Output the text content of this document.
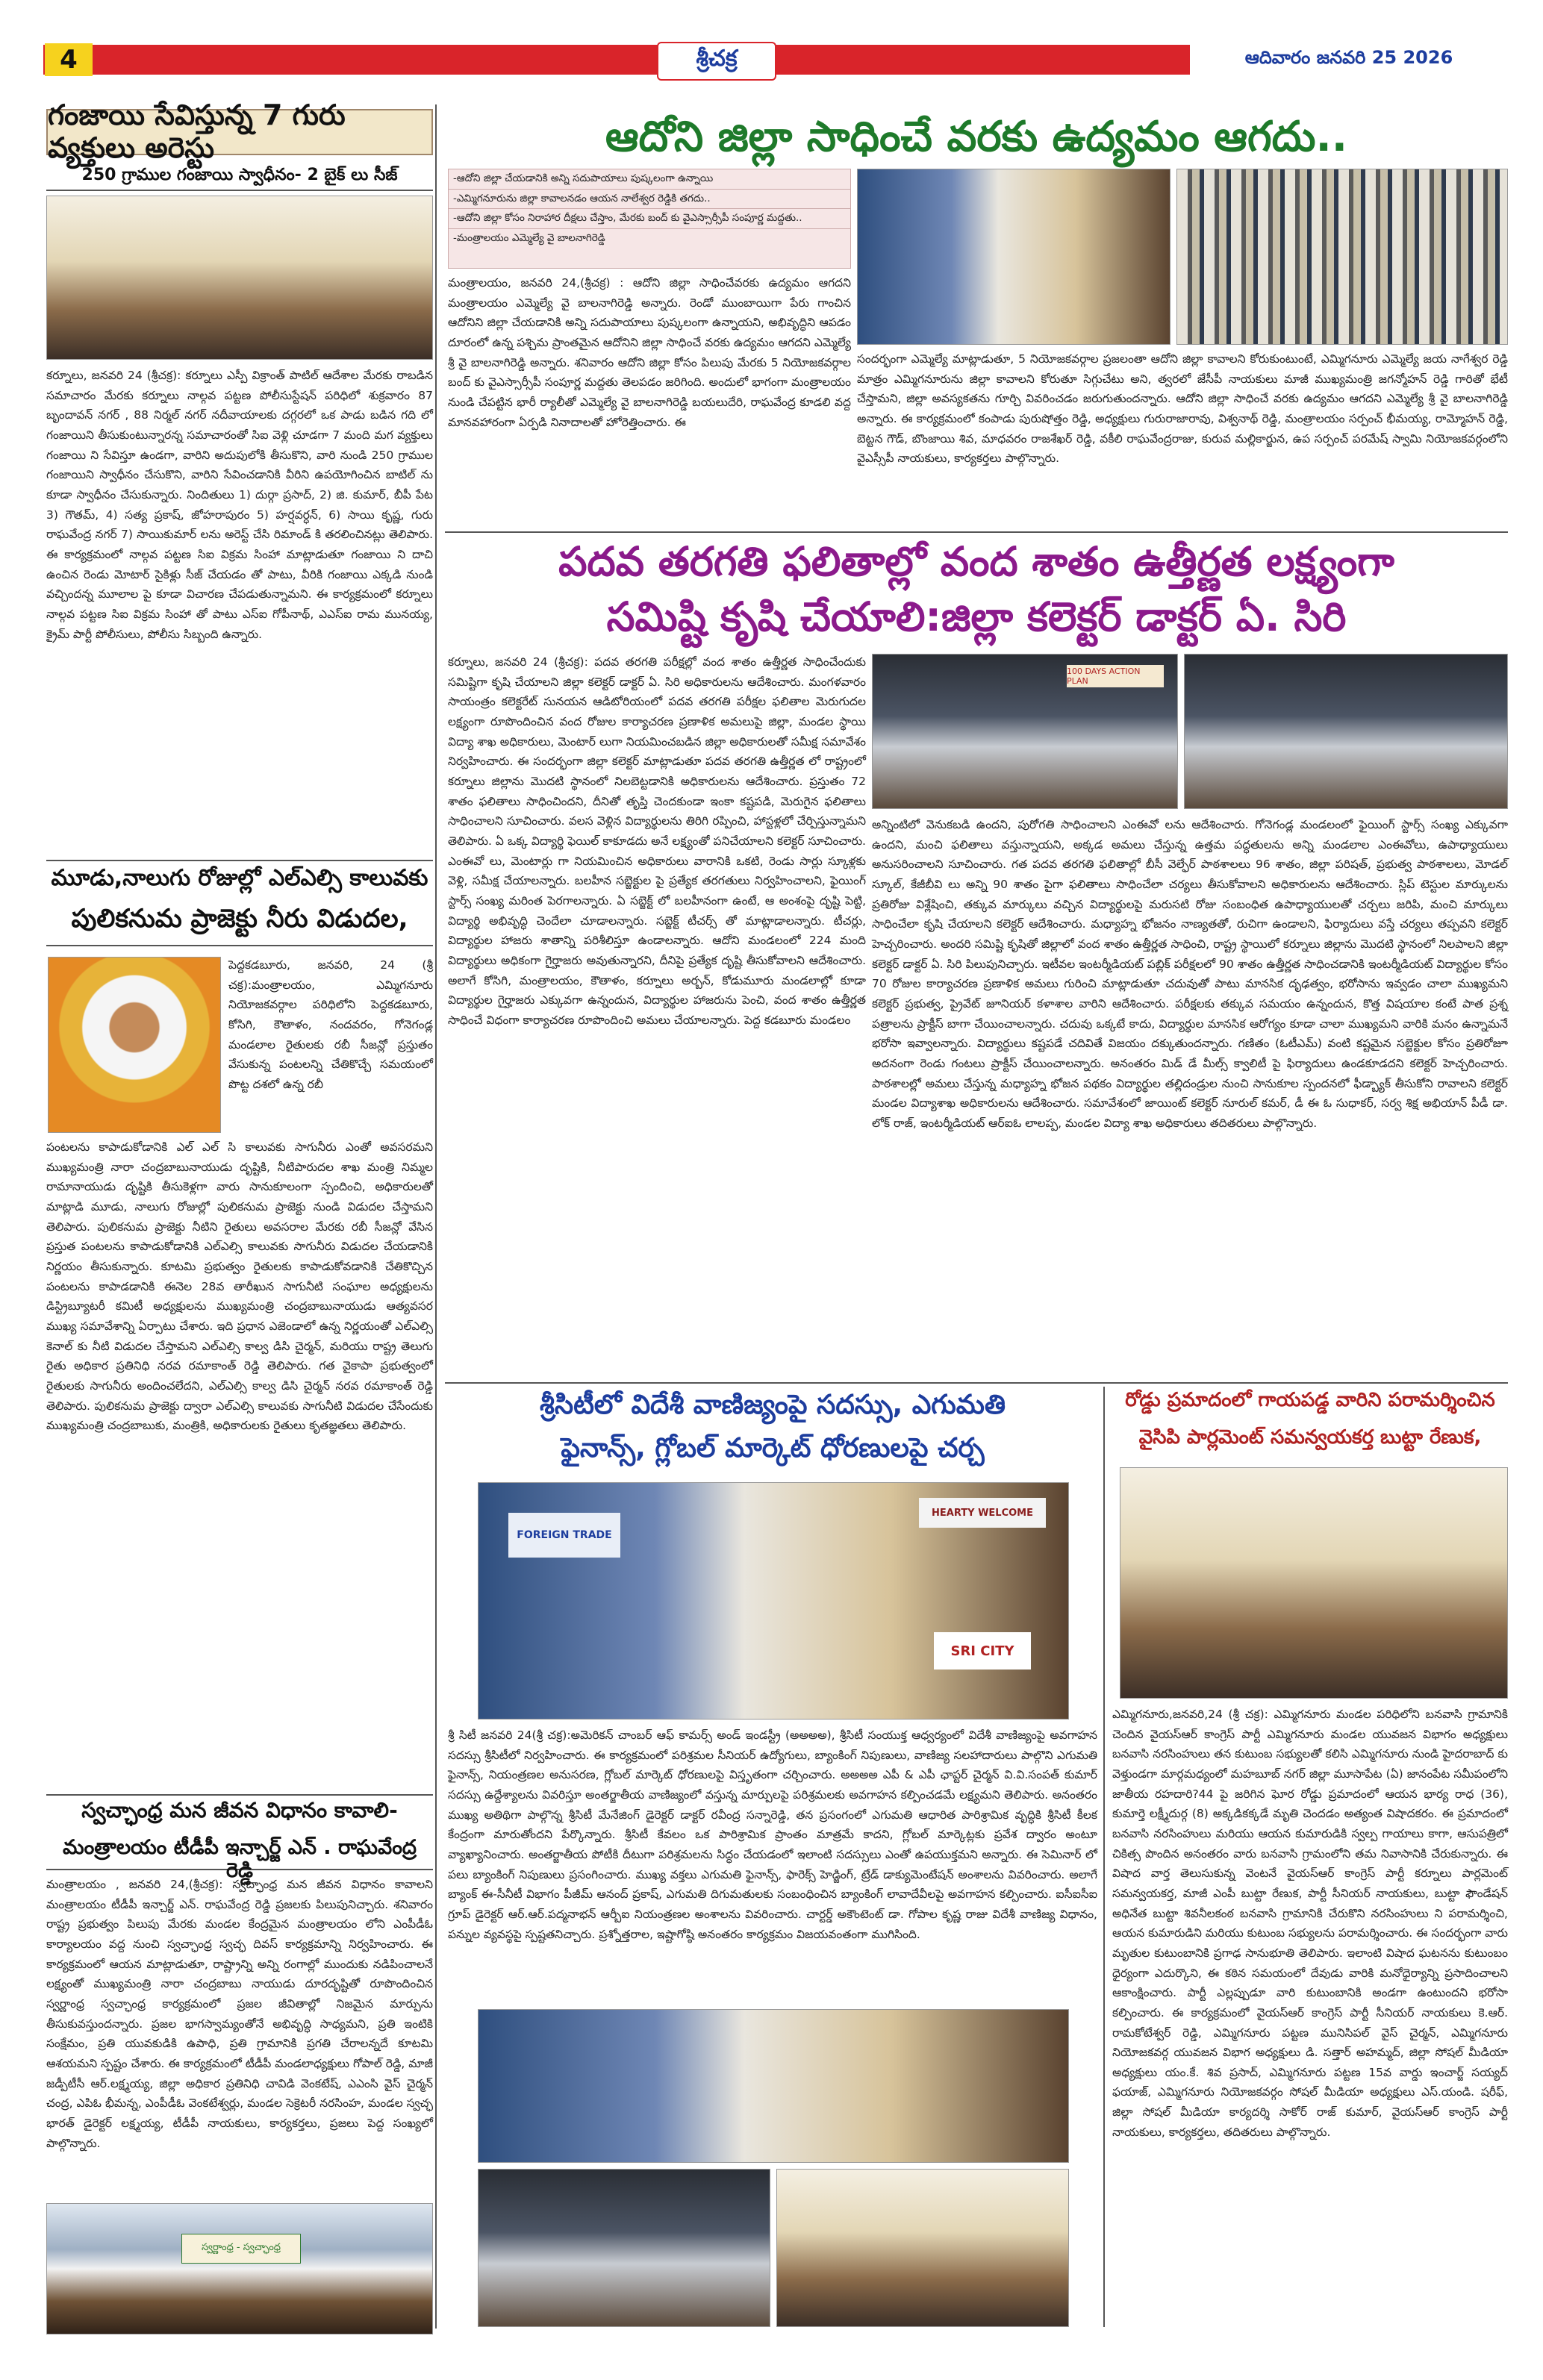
4	శ్రీచక్ర	ఆదివారం జనవరి 25 2026
గంజాయి సేవిస్తున్న 7 గురు వ్యక్తులు అరెస్టు
250 గ్రాముల గంజాయి స్వాధీనం- 2 బైక్ లు సీజ్
కర్నూలు, జనవరి 24 (శ్రీచక్ర): కర్నూలు ఎస్పీ విక్రాంత్ పాటిల్ ఆదేశాల మేరకు రాబడిన సమాచారం మేరకు కర్నూలు నాల్గవ పట్టణ పోలీసుస్టేషన్ పరిధిలో శుక్రవారం 87 బృందావన్ నగర్ , 88 నిర్మల్ నగర్ నదీవాయాలకు దగ్గరలో ఒక పాడు బడిన గది లో గంజాయిని తీసుకుంటున్నారన్న సమాచారంతో సిఐ వెళ్లి చూడగా 7 మంది మగ వ్యక్తులు గంజాయి ని సేవిస్తూ ఉండగా, వారిని అదుపులోకి తీసుకొని, వారి నుండి 250 గ్రాముల గంజాయిని స్వాధీనం చేసుకొని, వారిని సేవించడానికి వీరిని ఉపయోగించిన బాటిల్ ను కూడా స్వాధీనం చేసుకున్నారు. నిందితులు 1) దుర్గా ప్రసాద్, 2) జి. కుమార్, బీపీ పేట 3) గౌతమ్, 4) సత్య ప్రకాష్, జోహరాపురం 5) హర్షవర్ధన్, 6) సాయి కృష్ణ, గురు రాఘవేంద్ర నగర్ 7) సాయికుమార్ లను అరెస్ట్ చేసి రిమాండ్ కి తరలించినట్లు తెలిపారు. ఈ కార్యక్రమంలో నాల్గవ పట్టణ సిఐ విక్రమ సింహా మాట్లాడుతూ గంజాయి ని దాచి ఉంచిన రెండు మోటార్ సైకిళ్లు సీజ్ చేయడం తో పాటు, వీరికి గంజాయి ఎక్కడి నుండి వచ్చిందన్న మూలాల పై కూడా విచారణ చేపడుతున్నామని. ఈ కార్యక్రమంలో కర్నూలు నాల్గవ పట్టణ సిఐ విక్రమ సింహా తో పాటు ఎస్ఐ గోపీనాథ్, ఎఎస్ఐ రామ మునయ్య, క్రైమ్ పార్టీ పోలీసులు, పోలీసు సిబ్బంది ఉన్నారు.
మూడు,నాలుగు రోజుల్లో ఎల్ఎల్సి కాలువకు
పులికనుమ ప్రాజెక్టు నీరు విడుదల,
పెద్దకడబూరు, జనవరి, 24 (శ్రీ చక్ర):మంత్రాలయం, ఎమ్మిగనూరు నియోజకవర్గాల పరిధిలోని పెద్దకడబూరు, కోసిగి, కౌతాళం, నందవరం, గోనెగండ్ల మండలాల రైతులకు రబీ సీజన్లో ప్రస్తుతం వేసుకున్న పంటలన్ని చేతికొచ్చే సమయంలో పొట్ట దశలో ఉన్న రబీ
పంటలను కాపాడుకోడానికి ఎల్ ఎల్ సి కాలువకు సాగునీరు ఎంతో అవసరమని ముఖ్యమంత్రి నారా చంద్రబాబునాయుడు దృష్టికి, నీటిపారుదల శాఖ మంత్రి నిమ్మల రామానాయుడు దృష్టికి తీసుకెళ్లగా వారు సానుకూలంగా స్పందించి, అధికారులతో మాట్లాడి మూడు, నాలుగు రోజుల్లో పులికనుమ ప్రాజెక్టు నుండి విడుదల చేస్తామని తెలిపారు. పులికనుమ ప్రాజెక్టు నీటిని రైతులు అవసరాల మేరకు రబీ సీజన్లో వేసిన ప్రస్తుత పంటలను కాపాడుకోడానికి ఎల్ఎల్సి కాలువకు సాగునీరు విడుదల చేయడానికి నిర్ణయం తీసుకున్నారు. కూటమి ప్రభుత్వం రైతులకు కాపాడుకోవడానికి చేతికొచ్చిన పంటలను కాపాడడానికి ఈనెల 28వ తారీఖున సాగునీటి సంఘాల అధ్యక్షులను డిస్ట్రిబ్యూటరీ కమిటీ అధ్యక్షులను ముఖ్యమంత్రి చంద్రబాబునాయుడు ఆత్యవసర ముఖ్య సమావేశాన్ని ఏర్పాటు చేశారు. ఇది ప్రధాన ఎజెండాలో ఉన్న నిర్ణయంతో ఎల్ఎల్సి కెనాల్ కు నీటి విడుదల చేస్తామని ఎల్ఎల్సి కాల్వ డిసి చైర్మన్, మరియు రాష్ట్ర తెలుగు రైతు అధికార ప్రతినిధి నరవ రమాకాంత్ రెడ్డి తెలిపారు. గత వైకాపా ప్రభుత్వంలో రైతులకు సాగునీరు అందించలేదని, ఎల్ఎల్సి కాల్వ డిసి చైర్మన్ నరవ రమాకాంత్ రెడ్డి తెలిపారు. పులికనుమ ప్రాజెక్టు ద్వారా ఎల్ఎల్సి కాలువకు సాగునీటి విడుదల చేసేందుకు ముఖ్యమంత్రి చంద్రబాబుకు, మంత్రికి, అధికారులకు రైతులు కృతజ్ఞతలు తెలిపారు.
స్వచ్ఛాంధ్ర మన జీవన విధానం కావాలి-
మంత్రాలయం టీడీపీ ఇన్చార్జ్ ఎన్ . రాఘవేంద్ర రెడ్డి
మంత్రాలయం , జనవరి 24,(శ్రీచక్ర): స్వచ్ఛాంధ్ర మన జీవన విధానం కావాలని మంత్రాలయం టీడీపీ ఇన్చార్జ్ ఎన్. రాఘవేంద్ర రెడ్డి ప్రజలకు పిలుపునిచ్చారు. శనివారం రాష్ట్ర ప్రభుత్వం పిలుపు మేరకు మండల కేంద్రమైన మంత్రాలయం లోని ఎంపీడీఓ కార్యాలయం వద్ద నుంచి స్వచ్ఛాంధ్ర స్వచ్ఛ దివస్ కార్యక్రమాన్ని నిర్వహించారు. ఈ కార్యక్రమంలో ఆయన మాట్లాడుతూ, రాష్ట్రాన్ని అన్ని రంగాల్లో ముందుకు నడిపించాలనే లక్ష్యంతో ముఖ్యమంత్రి నారా చంద్రబాబు నాయుడు దూరదృష్టితో రూపొందించిన స్వర్ణాంధ్ర స్వచ్ఛాంధ్ర కార్యక్రమంలో ప్రజల జీవితాల్లో నిజమైన మార్పును తీసుకువస్తుందన్నారు. ప్రజల భాగస్వామ్యంతోనే అభివృద్ధి సాధ్యమని, ప్రతి ఇంటికి సంక్షేమం, ప్రతి యువకుడికి ఉపాధి, ప్రతి గ్రామానికి ప్రగతి చేరాలన్నదే కూటమి ఆశయమని స్పష్టం చేశారు. ఈ కార్యక్రమంలో టీడీపీ మండలాధ్యక్షులు గోపాల్ రెడ్డి, మాజీ జడ్పీటీసీ ఆర్.లక్ష్మయ్య, జిల్లా అధికార ప్రతినిధి చావిడి వెంకటేష్, ఎఎంసి వైస్ చైర్మన్ చంద్ర, ఎపిఓ భీమన్న, ఎంపీడీఓ వెంకటేశ్వర్లు, మండల సెక్రెటరీ నరసింహ, మండల స్వచ్ఛ భారత్ డైరెక్టర్ లక్ష్మయ్య, టీడీపీ నాయకులు, కార్యకర్తలు, ప్రజలు పెద్ద సంఖ్యలో పాల్గొన్నారు.
స్వర్ణాంధ్ర - స్వచ్ఛాంధ్ర
ఆదోని జిల్లా సాధించే వరకు ఉద్యమం ఆగదు..
-ఆదోని జిల్లా చేయడానికి అన్ని సదుపాయాలు పుష్కలంగా ఉన్నాయి
-ఎమ్మిగనూరును జిల్లా కావాలనడం ఆయన నాలేశ్వర రెడ్డికి తగదు..
-ఆదోని జిల్లా కోసం నిరాహార దీక్షలు చేస్తాం, మేరకు బంద్ కు వైఎస్సార్సీపీ సంపూర్ణ మద్దతు..
-మంత్రాలయం ఎమ్మెల్యే వై బాలనాగిరెడ్డి
మంత్రాలయం, జనవరి 24,(శ్రీచక్ర) : ఆదోని జిల్లా సాధించేవరకు ఉద్యమం ఆగదని మంత్రాలయం ఎమ్మెల్యే వై బాలనాగిరెడ్డి అన్నారు. రెండో ముంబాయిగా పేరు గాంచిన ఆదోనిని జిల్లా చేయడానికి అన్ని సదుపాయాలు పుష్కలంగా ఉన్నాయని, అభివృద్ధిని ఆపడం దూరంలో ఉన్న పశ్చిమ ప్రాంతమైన ఆదోనిని జిల్లా సాధించే వరకు ఉద్యమం ఆగదని ఎమ్మెల్యే శ్రీ వై బాలనాగిరెడ్డి అన్నారు. శనివారం ఆదోని జిల్లా కోసం పిలుపు మేరకు 5 నియోజకవర్గాల బంద్ కు వైఎస్సార్సీపీ సంపూర్ణ మద్దతు తెలపడం జరిగింది. అందులో భాగంగా మంత్రాలయం నుండి చేపట్టిన భారీ ర్యాలీతో ఎమ్మెల్యే వై బాలనాగిరెడ్డి బయలుదేరి, రాఘవేంద్ర కూడలి వద్ద మానవహారంగా ఏర్పడి నినాదాలతో హోరెత్తించారు. ఈ
సందర్భంగా ఎమ్మెల్యే మాట్లాడుతూ, 5 నియోజకవర్గాల ప్రజలంతా ఆదోని జిల్లా కావాలని కోరుకుంటుంటే, ఎమ్మిగనూరు ఎమ్మెల్యే జయ నాగేశ్వర రెడ్డి మాత్రం ఎమ్మిగనూరును జిల్లా కావాలని కోరుతూ సిగ్గుచేటు అని, త్వరలో జేసీపీ నాయకులు మాజీ ముఖ్యమంత్రి జగన్మోహన్ రెడ్డి గారితో భేటీ చేస్తామని, జిల్లా అవస్యకతను గూర్చి వివరించడం జరుగుతుందన్నారు. ఆదోని జిల్లా సాధించే వరకు ఉద్యమం ఆగదని ఎమ్మెల్యే శ్రీ వై బాలనాగిరెడ్డి అన్నారు. ఈ కార్యక్రమంలో కంపాడు పురుషోత్తం రెడ్డి, అధ్యక్షులు గురురాజారావు, విశ్వనాథ్ రెడ్డి, మంత్రాలయం సర్పంచ్ భీమయ్య, రామ్మోహన్ రెడ్డి, బెట్టన గౌడ్, బొంజాయి శివ, మాధవరం రాజశేఖర్ రెడ్డి, వకీలి రాఘవేంద్రరాజు, కురువ మల్లికార్జున, ఉప సర్పంచ్ పరమేష్ స్వామి నియోజకవర్గంలోని వైఎస్సీపీ నాయకులు, కార్యకర్తలు పాల్గొన్నారు.
పదవ తరగతి ఫలితాల్లో వంద శాతం ఉత్తీర్ణత లక్ష్యంగా
సమిష్టి కృషి చేయాలి:జిల్లా కలెక్టర్ డాక్టర్ ఏ. సిరి
కర్నూలు, జనవరి 24 (శ్రీచక్ర): పదవ తరగతి పరీక్షల్లో వంద శాతం ఉత్తీర్ణత సాధించేందుకు సమిష్టిగా కృషి చేయాలని జిల్లా కలెక్టర్ డాక్టర్ ఏ. సిరి అధికారులను ఆదేశించారు. మంగళవారం సాయంత్రం కలెక్టరేట్ సునయన ఆడిటోరియంలో పదవ తరగతి పరీక్షల ఫలితాల మెరుగుదల లక్ష్యంగా రూపొందించిన వంద రోజుల కార్యాచరణ ప్రణాళిక అమలుపై జిల్లా, మండల స్థాయి విద్యా శాఖ అధికారులు, మెంటార్ లుగా నియమించబడిన జిల్లా అధికారులతో సమీక్ష సమావేశం నిర్వహించారు. ఈ సందర్భంగా జిల్లా కలెక్టర్ మాట్లాడుతూ పదవ తరగతి ఉత్తీర్ణత లో రాష్ట్రంలో కర్నూలు జిల్లాను మొదటి స్థానంలో నిలబెట్టడానికి అధికారులను ఆదేశించారు. ప్రస్తుతం 72 శాతం ఫలితాలు సాధించిందని, దీనితో తృప్తి చెందకుండా ఇంకా కష్టపడి, మెరుగైన ఫలితాలు సాధించాలని సూచించారు. వలస వెళ్లిన విద్యార్థులను తిరిగి రప్పించి, హాస్టళ్లలో చేర్పిస్తున్నామని తెలిపారు. ఏ ఒక్క విద్యార్థి ఫెయిల్ కాకూడదు అనే లక్ష్యంతో పనిచేయాలని కలెక్టర్ సూచించారు. ఎంఈవో లు, మెంటార్లు గా నియమించిన అధికారులు వారానికి ఒకటి, రెండు సార్లు స్కూళ్లకు వెళ్లి, సమీక్ష చేయాలన్నారు. బలహీన సబ్జెక్టుల పై ప్రత్యేక తరగతులు నిర్వహించాలని, ఫైయింగ్ స్టార్స్ సంఖ్య మరింత పెరగాలన్నారు. ఏ సబ్జెక్ట్ లో బలహీనంగా ఉంటే, ఆ అంశంపై దృష్టి పెట్టి, విద్యార్థి అభివృద్ధి చెందేలా చూడాలన్నారు. సబ్జెక్ట్ టీచర్స్ తో మాట్లాడాలన్నారు. టీచర్లు, విద్యార్థుల హాజరు శాతాన్ని పరిశీలిస్తూ ఉండాలన్నారు. ఆదోని మండలంలో 224 మంది విద్యార్థులు అధికంగా గైర్హాజరు అవుతున్నారని, దీనిపై ప్రత్యేక దృష్టి తీసుకోవాలని ఆదేశించారు. అలాగే కోసిగి, మంత్రాలయం, కౌతాళం, కర్నూలు అర్బన్, కోడుమూరు మండలాల్లో కూడా విద్యార్థుల గైర్హాజరు ఎక్కువగా ఉన్నందున, విద్యార్థుల హాజరును పెంచి, వంద శాతం ఉత్తీర్ణత సాధించే విధంగా కార్యాచరణ రూపొందించి అమలు చేయాలన్నారు. పెద్ద కడబూరు మండలం
100 DAYS ACTION PLAN
అన్నింటిలో వెనుకబడి ఉందని, పురోగతి సాధించాలని ఎంఈవో లను ఆదేశించారు. గోనెగండ్ల మండలంలో ఫైయింగ్ స్టార్స్ సంఖ్య ఎక్కువగా ఉందని, మంచి ఫలితాలు వస్తున్నాయని, అక్కడ అమలు చేస్తున్న ఉత్తమ పద్ధతులను అన్ని మండలాల ఎంఈవోలు, ఉపాధ్యాయులు అనుసరించాలని సూచించారు. గత పదవ తరగతి ఫలితాల్లో బీసీ వెల్ఫేర్ పాఠశాలలు 96 శాతం, జిల్లా పరిషత్, ప్రభుత్వ పాఠశాలలు, మోడల్ స్కూల్, కేజీబీవి లు అన్ని 90 శాతం పైగా ఫలితాలు సాధించేలా చర్యలు తీసుకోవాలని అధికారులను ఆదేశించారు. స్లిప్ టెస్టుల మార్కులను ప్రతిరోజు విశ్లేషించి, తక్కువ మార్కులు వచ్చిన విద్యార్థులపై మరుసటి రోజు సంబంధిత ఉపాధ్యాయులతో చర్చలు జరిపి, మంచి మార్కులు సాధించేలా కృషి చేయాలని కలెక్టర్ ఆదేశించారు. మధ్యాహ్న భోజనం నాణ్యతతో, రుచిగా ఉండాలని, ఫిర్యాదులు వస్తే చర్యలు తప్పవని కలెక్టర్ హెచ్చరించారు. అందరి సమిష్టి కృషితో జిల్లాలో వంద శాతం ఉత్తీర్ణత సాధించి, రాష్ట్ర స్థాయిలో కర్నూలు జిల్లాను మొదటి స్థానంలో నిలపాలని జిల్లా కలెక్టర్ డాక్టర్ ఏ. సిరి పిలుపునిచ్చారు. ఇటీవల ఇంటర్మీడియట్ పబ్లిక్ పరీక్షలలో 90 శాతం ఉత్తీర్ణత సాధించడానికి ఇంటర్మీడియట్ విద్యార్థుల కోసం 70 రోజుల కార్యాచరణ ప్రణాళిక అమలు గురించి మాట్లాడుతూ చదువుతో పాటు మానసిక దృఢత్వం, భరోసాను ఇవ్వడం చాలా ముఖ్యమని కలెక్టర్ ప్రభుత్వ, ప్రైవేట్ జూనియర్ కళాశాల వారిని ఆదేశించారు. పరీక్షలకు తక్కువ సమయం ఉన్నందున, కొత్త విషయాల కంటే పాత ప్రశ్న పత్రాలను ప్రాక్టీస్ బాగా చేయించాలన్నారు. చదువు ఒక్కటే కాదు, విద్యార్థుల మానసిక ఆరోగ్యం కూడా చాలా ముఖ్యమని వారికి మనం ఉన్నామనే భరోసా ఇవ్వాలన్నారు. విద్యార్థులు కష్టపడే చదివితే విజయం దక్కుతుందన్నారు. గణితం (ఓటీఎమ్) వంటి కష్టమైన సబ్జెక్టుల కోసం ప్రతిరోజూ అదనంగా రెండు గంటలు ప్రాక్టీస్ చేయించాలన్నారు. అనంతరం మిడ్ డే మీల్స్ క్వాలిటీ పై ఫిర్యాదులు ఉండకూడదని కలెక్టర్ హెచ్చరించారు. పాఠశాలల్లో అమలు చేస్తున్న మధ్యాహ్న భోజన పథకం విద్యార్థుల తల్లిదండ్రుల నుంచి సానుకూల స్పందనలో ఫీడ్బ్యాక్ తీసుకోని రావాలని కలెక్టర్ మండల విద్యాశాఖ అధికారులను ఆదేశించారు. సమావేశంలో జాయింట్ కలెక్టర్ నూరుల్ కమర్, డీ ఈ ఓ సుధాకర్, సర్వ శిక్ష అభియాన్ పీడీ డా. లోక్ రాజ్, ఇంటర్మీడియట్ ఆర్ఐఓ లాలప్ప, మండల విద్యా శాఖ అధికారులు తదితరులు పాల్గొన్నారు.
శ్రీసిటీలో విదేశీ వాణిజ్యంపై సదస్సు, ఎగుమతి
ఫైనాన్స్, గ్లోబల్ మార్కెట్ ధోరణులపై చర్చ
FOREIGN TRADE
HEARTY WELCOME
SRI CITY
శ్రీ సిటీ జనవరి 24(శ్రీ చక్ర):అమెరికన్ చాంబర్ ఆఫ్ కామర్స్ అండ్ ఇండస్ట్రీ (అఅఅఅ), శ్రీసిటీ సంయుక్త ఆధ్వర్యంలో విదేశీ వాణిజ్యంపై అవగాహన సదస్సు శ్రీసిటీలో నిర్వహించారు. ఈ కార్యక్రమంలో పరిశ్రమల సీనియర్ ఉద్యోగులు, బ్యాంకింగ్ నిపుణులు, వాణిజ్య సలహాదారులు పాల్గొని ఎగుమతి ఫైనాన్స్, నియంత్రణల అనుసరణ, గ్లోబల్ మార్కెట్ ధోరణులపై విస్తృతంగా చర్చించారు. అఅఅఅ ఎపీ & ఎపీ ఛాప్టర్ చైర్మన్ వి.వి.సంపత్ కుమార్ సదస్సు ఉద్దేశ్యాలను వివరిస్తూ అంతర్జాతీయ వాణిజ్యంలో వస్తున్న మార్పులపై పరిశ్రమలకు అవగాహన కల్పించడమే లక్ష్యమని తెలిపారు. అనంతరం ముఖ్య అతిథిగా పాల్గొన్న శ్రీసిటీ మేనేజింగ్ డైరెక్టర్ డాక్టర్ రవీంద్ర సన్నారెడ్డి, తన ప్రసంగంలో ఎగుమతి ఆధారిత పారిశ్రామిక వృద్ధికి శ్రీసిటీ కీలక కేంద్రంగా మారుతోందని పేర్కొన్నారు. శ్రీసిటీ కేవలం ఒక పారిశ్రామిక ప్రాంతం మాత్రమే కాదని, గ్లోబల్ మార్కెట్లకు ప్రవేశ ద్వారం అంటూ వ్యాఖ్యానించారు. అంతర్జాతీయ పోటీకి దీటుగా పరిశ్రమలను సిద్ధం చేయడంలో ఇలాంటి సదస్సులు ఎంతో ఉపయుక్తమని అన్నారు. ఈ సెమినార్ లో పలు బ్యాంకింగ్ నిపుణులు ప్రసంగించారు. ముఖ్య వక్తలు ఎగుమతి ఫైనాన్స్, ఫారెక్స్ హెడ్జింగ్, ట్రేడ్ డాక్యుమెంటేషన్ అంశాలను వివరించారు. అలాగే బ్యాంక్ ఈ-సీనీటీ విభాగం పీజీమ్ ఆనంద్ ప్రకాష్, ఎగుమతి దిగుమతులకు సంబంధించిన బ్యాంకింగ్ లావాదేవీలపై అవగాహన కల్పించారు. ఐసీఐసీఐ గ్రూప్ డైరెక్టర్ ఆర్.ఆర్.పద్మనాభన్ ఆర్బీఐ నియంత్రణల అంశాలను వివరించారు. చార్టర్డ్ అకౌంటెంట్ డా. గోపాల కృష్ణ రాజు విదేశీ వాణిజ్య విధానం, పన్నుల వ్యవస్థపై స్పష్టతనిచ్చారు. ప్రశ్నోత్తరాల, ఇష్టాగోష్ఠి అనంతరం కార్యక్రమం విజయవంతంగా ముగిసింది.
రోడ్డు ప్రమాదంలో గాయపడ్డ వారిని పరామర్శించిన
వైసిపి పార్లమెంట్ సమన్వయకర్త బుట్టా రేణుక,
ఎమ్మిగనూరు,జనవరి,24 (శ్రీ చక్ర): ఎమ్మిగనూరు మండల పరిధిలోని బనవాసి గ్రామానికి చెందిన వైయస్ఆర్ కాంగ్రెస్ పార్టీ ఎమ్మిగనూరు మండల యువజన విభాగం అధ్యక్షులు బనవాసి నరసింహులు తన కుటుంబ సభ్యులతో కలిసి ఎమ్మిగనూరు నుండి హైదరాబాద్ కు వెళ్తుండగా మార్గమధ్యంలో మహబూబ్ నగర్ జిల్లా మూసాపేట (ఏ) జానంపేట సమీపంలోని జాతీయ రహదారి?44 పై జరిగిన ఘోర రోడ్డు ప్రమాదంలో ఆయన భార్య రాధ (36), కుమార్తె లక్ష్మీదుర్గ (8) అక్కడికక్కడే మృతి చెందడం అత్యంత విషాదకరం. ఈ ప్రమాదంలో బనవాసి నరసింహులు మరియు ఆయన కుమారుడికి స్వల్ప గాయాలు కాగా, ఆసుపత్రిలో చికిత్స పొందిన అనంతరం వారు బనవాసి గ్రామంలోని తమ నివాసానికి చేరుకున్నారు. ఈ విషాద వార్త తెలుసుకున్న వెంటనే వైయస్ఆర్ కాంగ్రెస్ పార్టీ కర్నూలు పార్లమెంట్ సమన్వయకర్త, మాజీ ఎంపీ బుట్టా రేణుక, పార్టీ సీనియర్ నాయకులు, బుట్టా ఫౌండేషన్ అధినేత బుట్టా శివనీలకంఠ బనవాసి గ్రామానికి చేరుకొని నరసింహులు ని పరామర్శించి, ఆయన కుమారుడిని మరియు కుటుంబ సభ్యులను పరామర్శించారు. ఈ సందర్భంగా వారు మృతుల కుటుంబానికి ప్రగాఢ సానుభూతి తెలిపారు. ఇలాంటి విషాద ఘటనను కుటుంబం ధైర్యంగా ఎదుర్కొని, ఈ కఠిన సమయంలో దేవుడు వారికి మనోధైర్యాన్ని ప్రసాదించాలని ఆకాంక్షించారు. పార్టీ ఎల్లప్పుడూ వారి కుటుంబానికి అండగా ఉంటుందని భరోసా కల్పించారు. ఈ కార్యక్రమంలో వైయస్ఆర్ కాంగ్రెస్ పార్టీ సీనియర్ నాయకులు కె.ఆర్. రామకోటేశ్వర్ రెడ్డి, ఎమ్మిగనూరు పట్టణ మునిసిపల్ వైస్ చైర్మన్, ఎమ్మిగనూరు నియోజకవర్గ యువజన విభాగ అధ్యక్షులు డి. సత్తార్ అహమ్మద్, జిల్లా సోషల్ మీడియా అధ్యక్షులు యం.కే. శివ ప్రసాద్, ఎమ్మిగనూరు పట్టణ 15వ వార్డు ఇంచార్జ్ సయ్యద్ ఫయాజ్, ఎమ్మిగనూరు నియోజకవర్గం సోషల్ మీడియా అధ్యక్షులు ఎస్.యండి. షరీఫ్, జిల్లా సోషల్ మీడియా కార్యదర్శి సాకోర్ రాజ్ కుమార్, వైయస్ఆర్ కాంగ్రెస్ పార్టీ నాయకులు, కార్యకర్తలు, తదితరులు పాల్గొన్నారు.
